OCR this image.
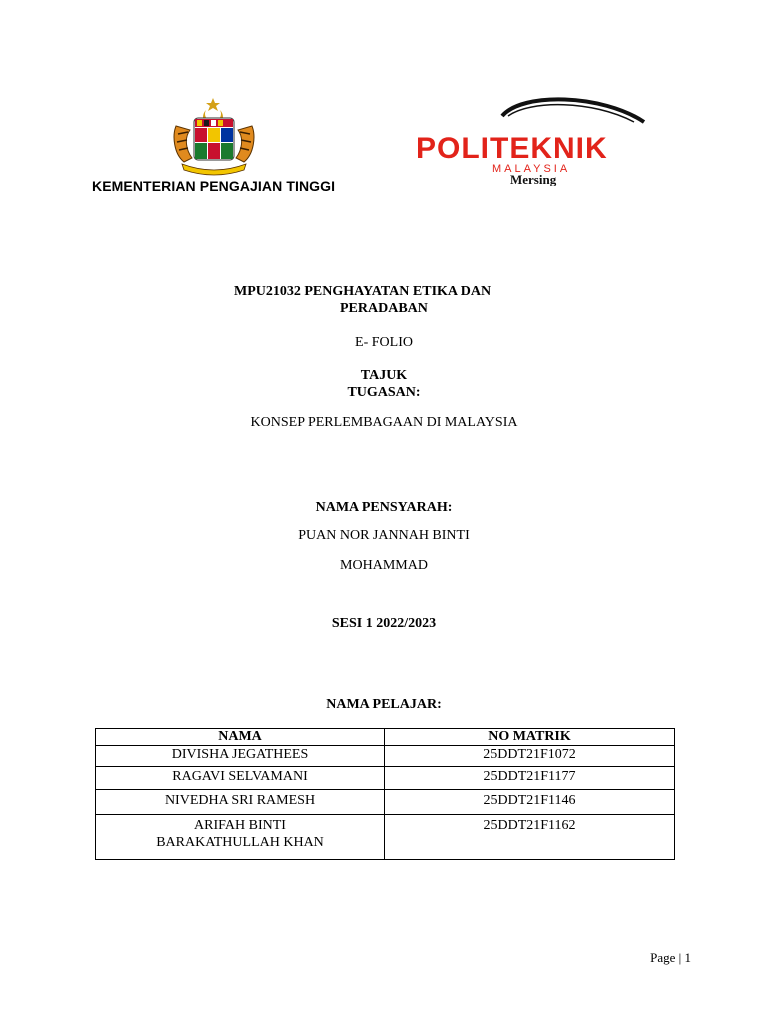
KEMENTERIAN PENGAJIAN TINGGI
POLITEKNIK
MALAYSIA
Mersing
MPU21032 PENGHAYATAN ETIKA DAN
PERADABAN
E- FOLIO
TAJUK
TUGASAN:
KONSEP PERLEMBAGAAN DI MALAYSIA
NAMA PENSYARAH:
PUAN NOR JANNAH BINTI
MOHAMMAD
SESI 1 2022/2023
NAMA PELAJAR:
NAMA	NO MATRIK
DIVISHA JEGATHEES	25DDT21F1072
RAGAVI SELVAMANI	25DDT21F1177
NIVEDHA SRI RAMESH	25DDT21F1146

ARIFAH BINTI
BARAKATHULLAH KHAN	25DDT21F1162
Page | 1
